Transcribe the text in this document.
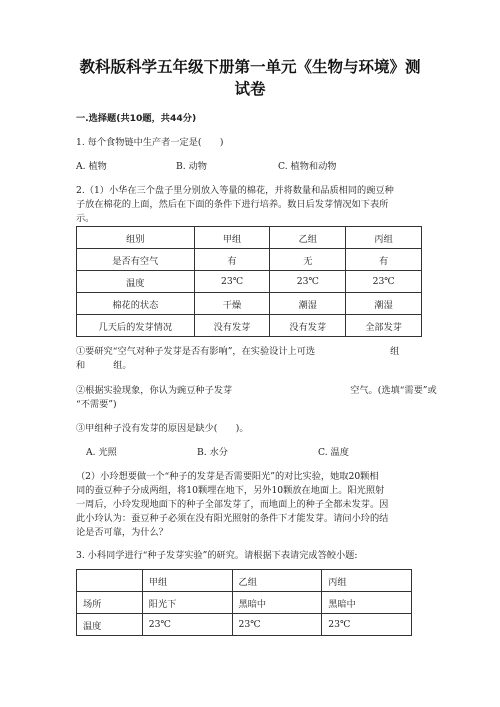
教科版科学五年级下册第一单元《生物与环境》测
试卷
一.选择题(共10题，共44分)
1. 每个食物链中生产者一定是(　　)
A. 植物	B. 动物	C. 植物和动物
2.（1）小华在三个盘子里分别放入等量的棉花，并将数量和品质相同的豌豆种
子放在棉花的上面，然后在下面的条件下进行培养。数日后发芽情况如下表所
示。
组别	甲组	乙组	丙组
是否有空气	有	无	有
温度	23℃	23℃	23℃
棉花的状态	干燥	潮湿	潮湿
几天后的发芽情况	没有发芽	没有发芽	全部发芽
①要研究“空气对种子发芽是否有影响”，在实验设计上可选	组
和	组。
②根据实验现象，你认为豌豆种子发芽	空气。(选填“需要”或
“不需要”)
③甲组种子没有发芽的原因是缺少(　　)。
A. 光照	B. 水分	C. 温度
（2）小玲想要做一个“种子的发芽是否需要阳光”的对比实验，她取20颗相
同的蚕豆种子分成两组，将10颗埋在地下，另外10颗放在地面上。阳光照射
一周后，小玲发现地面下的种子全部发芽了，而地面上的种子全都未发芽。因
此小玲认为：蚕豆种子必须在没有阳光照射的条件下才能发芽。请问小玲的结
论是否可靠，为什么？
3. 小科同学进行“种子发芽实验”的研究。请根据下表请完成答鲛小题:
	甲组	乙组	丙组
场所	阳光下	黑暗中	黑暗中
温度	23℃	23℃	23℃
